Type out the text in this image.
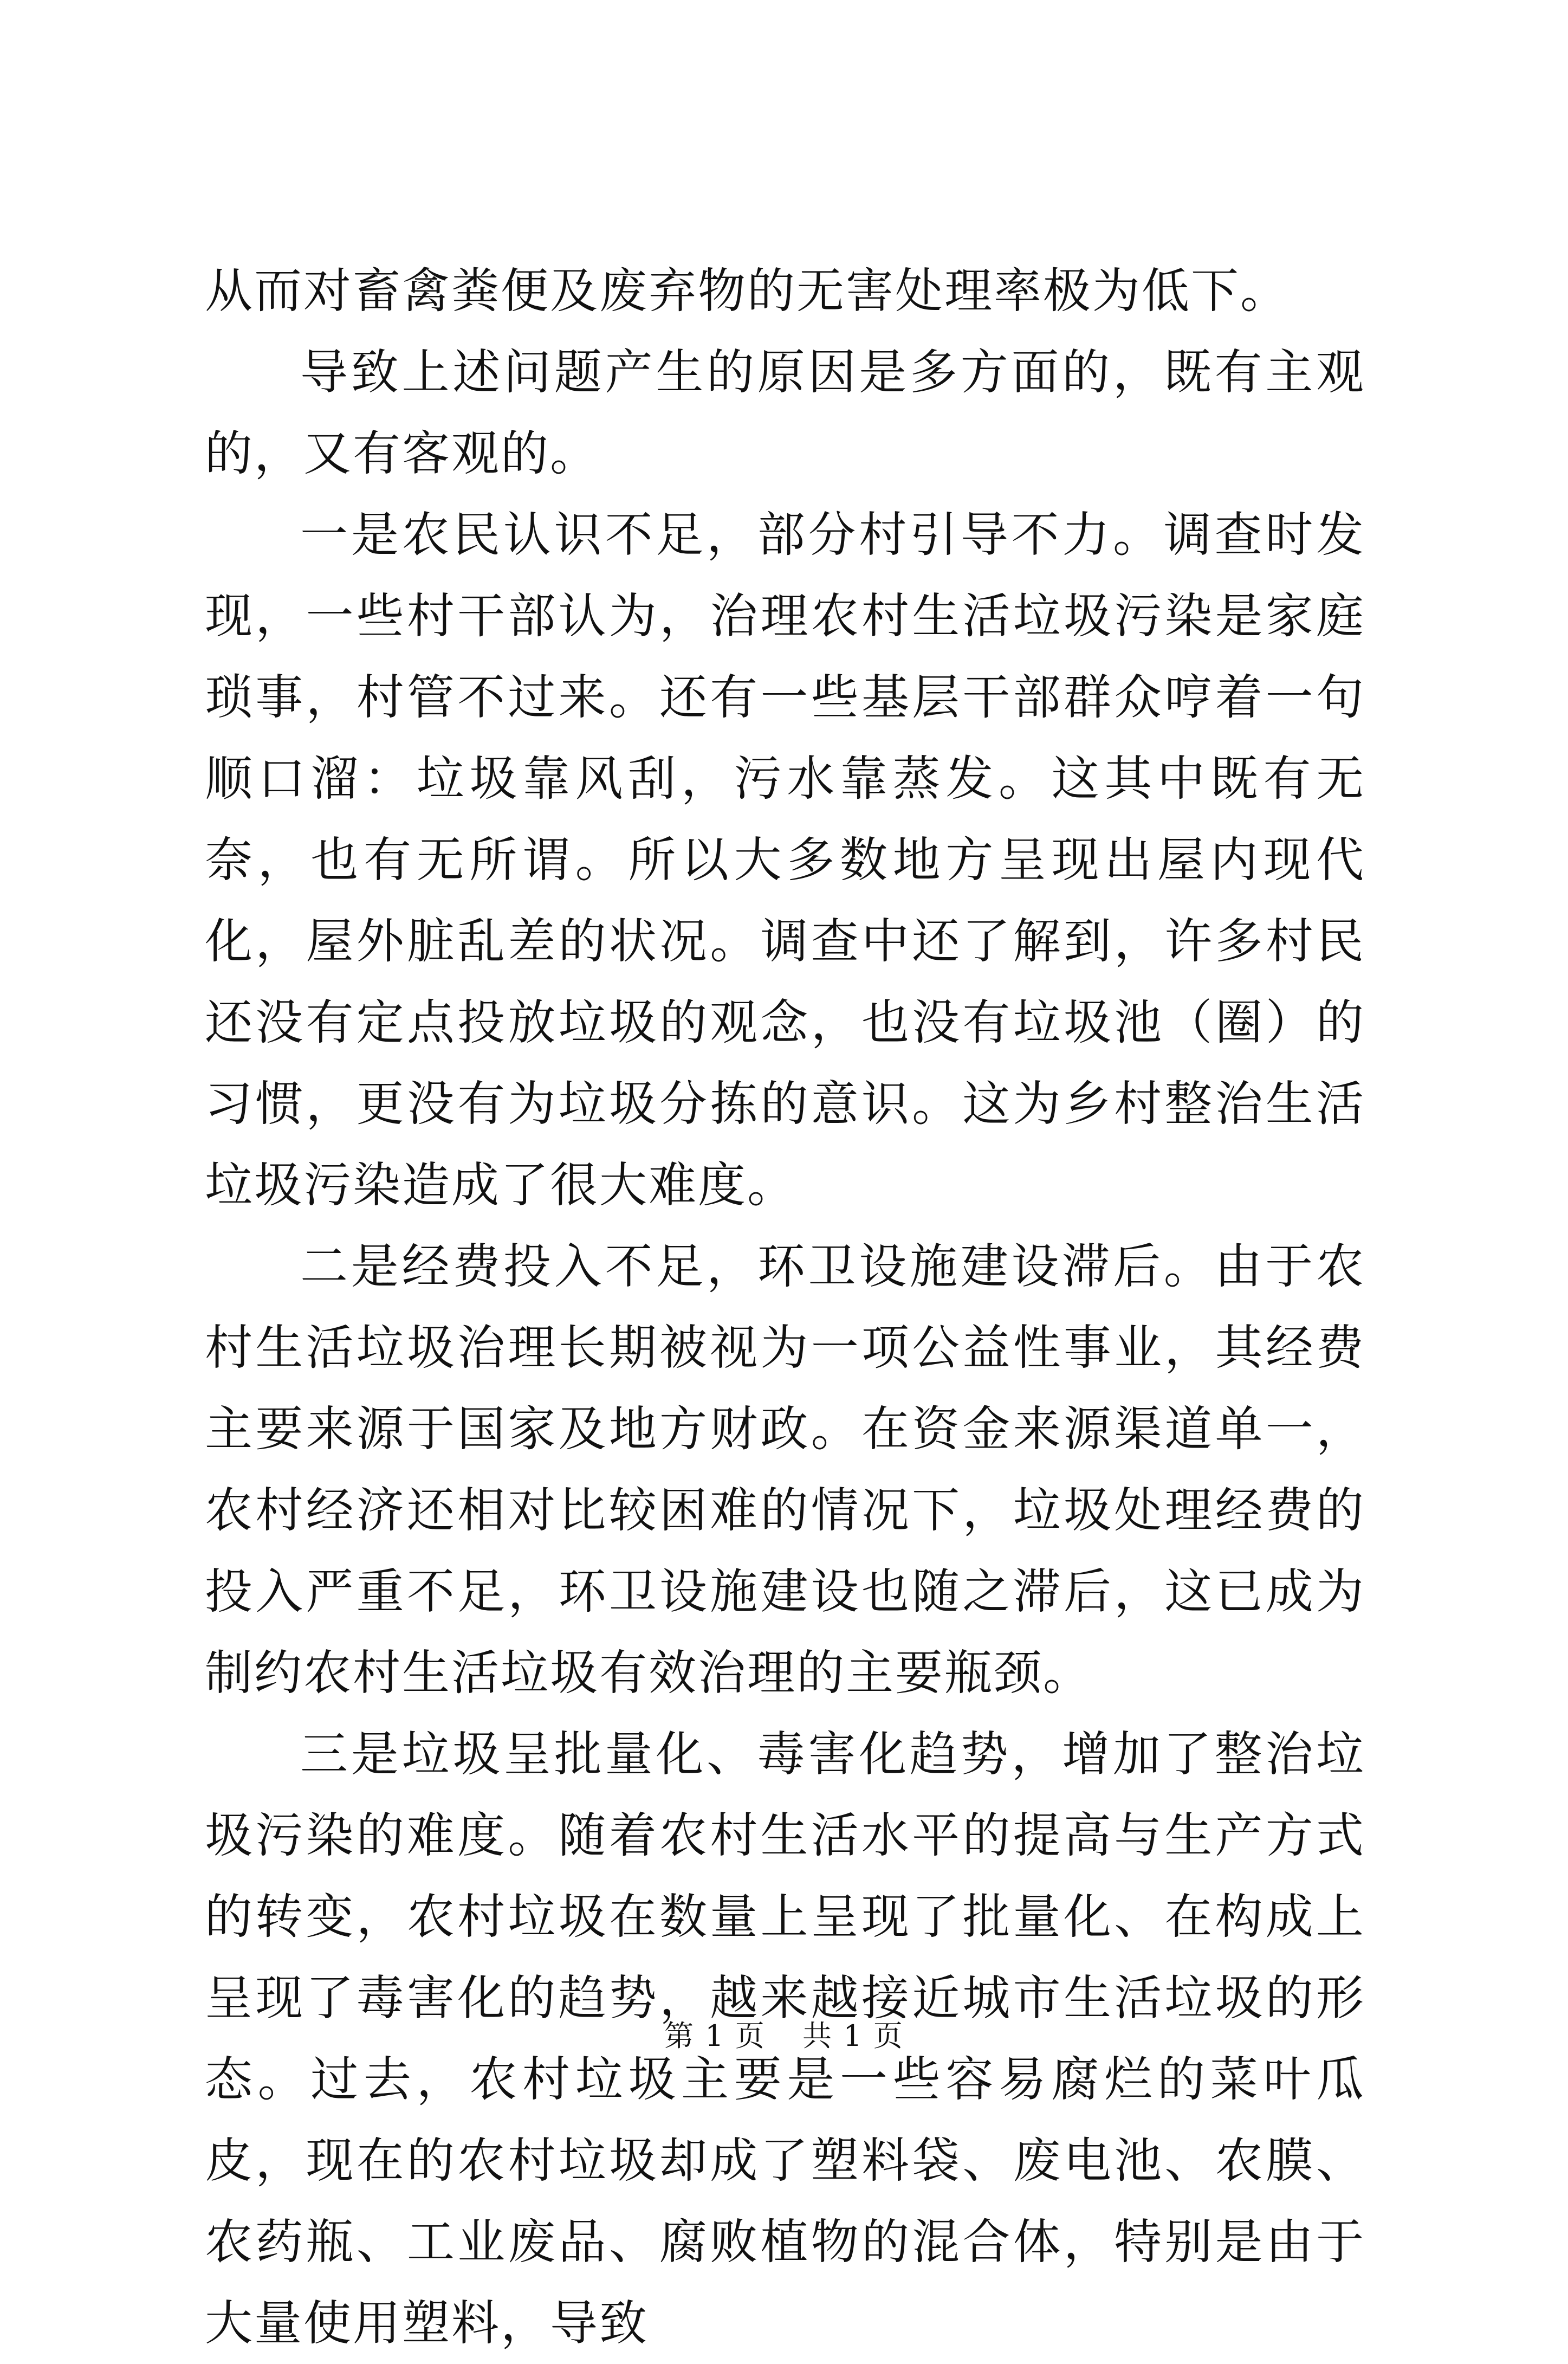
从而对畜禽粪便及废弃物的无害处理率极为低下。

导致上述问题产生的原因是多方面的，既有主观的，又有客观的。

一是农民认识不足，部分村引导不力。调查时发现，一些村干部认为，治理农村生活垃圾污染是家庭琐事，村管不过来。还有一些基层干部群众哼着一句顺口溜：垃圾靠风刮，污水靠蒸发。这其中既有无奈，也有无所谓。所以大多数地方呈现出屋内现代化，屋外脏乱差的状况。调查中还了解到，许多村民还没有定点投放垃圾的观念，也没有垃圾池（圈）的习惯，更没有为垃圾分拣的意识。这为乡村整治生活垃圾污染造成了很大难度。

二是经费投入不足，环卫设施建设滞后。由于农村生活垃圾治理长期被视为一项公益性事业，其经费主要来源于国家及地方财政。在资金来源渠道单一，农村经济还相对比较困难的情况下，垃圾处理经费的投入严重不足，环卫设施建设也随之滞后，这已成为制约农村生活垃圾有效治理的主要瓶颈。

三是垃圾呈批量化、毒害化趋势，增加了整治垃圾污染的难度。随着农村生活水平的提高与生产方式的转变，农村垃圾在数量上呈现了批量化、在构成上呈现了毒害化的趋势，越来越接近城市生活垃圾的形态。过去，农村垃圾主要是一些容易腐烂的菜叶瓜皮，现在的农村垃圾却成了塑料袋、废电池、农膜、农药瓶、工业废品、腐败植物的混合体，特别是由于大量使用塑料，导致

第 1 页 共 1 页
